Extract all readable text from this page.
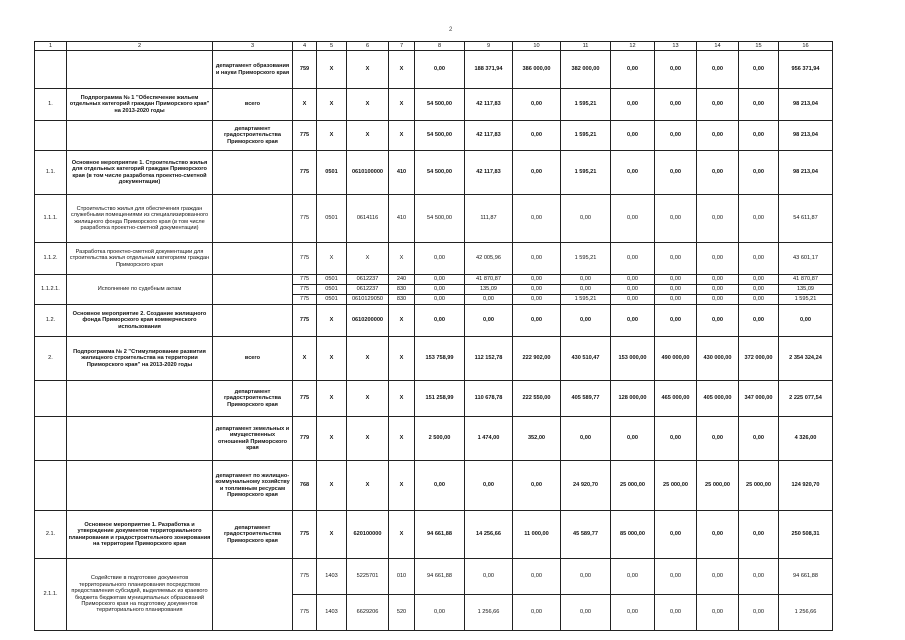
2
1	2	3	4	5	6	7	8	9	10	11	12	13	14	15	16
		департамент образования и науки Приморского края	759	X	X	X	0,00	188 371,94	386 000,00	382 000,00	0,00	0,00	0,00	0,00	956 371,94
1.	Подпрограмма № 1 "Обеспечение жильем отдельных категорий граждан Приморского края" на 2013-2020 годы	всего	X	X	X	X	54 500,00	42 117,83	0,00	1 595,21	0,00	0,00	0,00	0,00	98 213,04
		департамент градостроительства Приморского края	775	X	X	X	54 500,00	42 117,83	0,00	1 595,21	0,00	0,00	0,00	0,00	98 213,04
1.1.	Основное мероприятие 1. Строительство жилья для отдельных категорий граждан Приморского края (в том числе разработка проектно-сметной документации)		775	0501	0610100000	410	54 500,00	42 117,83	0,00	1 595,21	0,00	0,00	0,00	0,00	98 213,04
1.1.1.	Строительство жилья для обеспечения граждан служебными помещениями из специализированного жилищного фонда Приморского края (в том числе разработка проектно-сметной документации)		775	0501	0614116	410	54 500,00	111,87	0,00	0,00	0,00	0,00	0,00	0,00	54 611,87
1.1.2.	Разработка проектно-сметной документации для строительства жилья отдельным категориям граждан Приморского края		775	X	X	X	0,00	42 005,96	0,00	1 595,21	0,00	0,00	0,00	0,00	43 601,17
1.1.2.1.	Исполнение по судебным актам		775	0501	0612237	240	0,00	41 870,87	0,00	0,00	0,00	0,00	0,00	0,00	41 870,87
			775	0501	0612237	830	0,00	135,09	0,00	0,00	0,00	0,00	0,00	0,00	135,09
			775	0501	0610129050	830	0,00	0,00	0,00	1 595,21	0,00	0,00	0,00	0,00	1 595,21
1.2.	Основное мероприятие 2. Создание жилищного фонда Приморского края коммерческого использования		775	X	0610200000	X	0,00	0,00	0,00	0,00	0,00	0,00	0,00	0,00	0,00
2.	Подпрограмма № 2 "Стимулирование развития жилищного строительства на территории Приморского края" на 2013-2020 годы	всего	X	X	X	X	153 758,99	112 152,78	222 902,00	430 510,47	153 000,00	490 000,00	430 000,00	372 000,00	2 354 324,24
		департамент градостроительства Приморского края	775	X	X	X	151 258,99	110 678,78	222 550,00	405 589,77	128 000,00	465 000,00	405 000,00	347 000,00	2 225 077,54
		департамент земельных и имущественных отношений Приморского края	779	X	X	X	2 500,00	1 474,00	352,00	0,00	0,00	0,00	0,00	0,00	4 326,00
		департамент по жилищно-коммунальному хозяйству и топливным ресурсам Приморского края	768	X	X	X	0,00	0,00	0,00	24 920,70	25 000,00	25 000,00	25 000,00	25 000,00	124 920,70
2.1.	Основное мероприятие 1. Разработка и утверждение документов территориального планирования и градостроительного зонирования на территории Приморского края	департамент градостроительства Приморского края	775	X	620100000	X	94 661,88	14 256,66	11 000,00	45 589,77	85 000,00	0,00	0,00	0,00	250 508,31
2.1.1.	Содействие в подготовке документов территориального планирования посредством предоставления субсидий, выделяемых из краевого бюджета бюджетам муниципальных образований Приморского края на подготовку документов территориального планирования		775	1403	5225701	010	94 661,88	0,00	0,00	0,00	0,00	0,00	0,00	0,00	94 661,88
			775	1403	6629206	520	0,00	1 256,66	0,00	0,00	0,00	0,00	0,00	0,00	1 256,66
